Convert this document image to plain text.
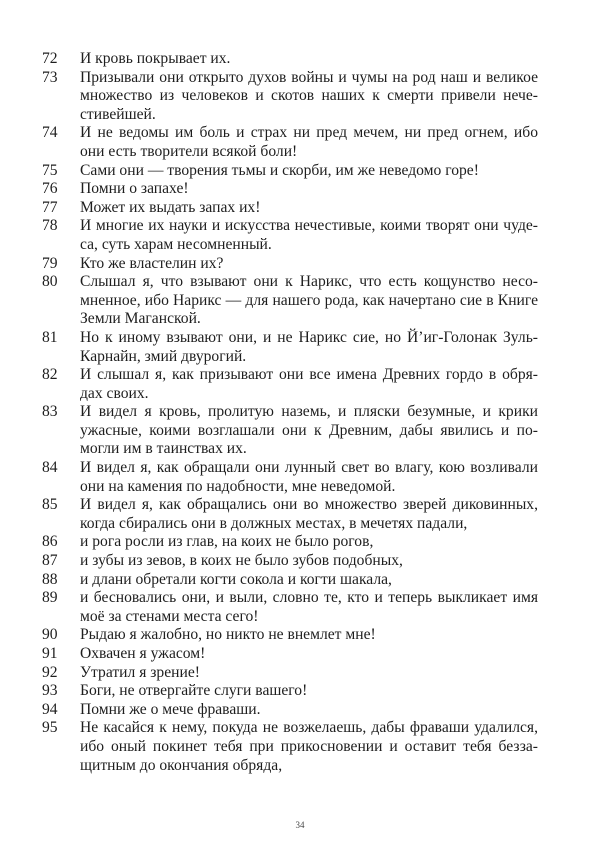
72	И кровь покрывает их.
73	Призывали они открыто духов войны и чумы на род наш и великое
множество из человеков и скотов наших к смерти привели нече-
стивейшей.
74	И не ведомы им боль и страх ни пред мечем, ни пред огнем, ибо
они есть творители всякой боли!
75	Сами они — творения тьмы и скорби, им же неведомо горе!
76	Помни о запахе!
77	Может их выдать запах их!
78	И многие их науки и искусства нечестивые, коими творят они чуде-
са, суть харам несомненный.
79	Кто же властелин их?
80	Слышал я, что взывают они к Нарикс, что есть кощунство несо-
мненное, ибо Нарикс — для нашего рода, как начертано сие в Книге
Земли Маганской.
81	Но к иному взывают они, и не Нарикс сие, но Й’иг-Голонак Зуль-
Карнайн, змий двурогий.
82	И слышал я, как призывают они все имена Древних гордо в обря-
дах своих.
83	И видел я кровь, пролитую наземь, и пляски безумные, и крики
ужасные, коими возглашали они к Древним, дабы явились и по-
могли им в таинствах их.
84	И видел я, как обращали они лунный свет во влагу, кою возливали
они на камения по надобности, мне неведомой.
85	И видел я, как обращались они во множество зверей диковинных,
когда сбирались они в должных местах, в мечетях падали,
86	и рога росли из глав, на коих не было рогов,
87	и зубы из зевов, в коих не было зубов подобных,
88	и длани обретали когти сокола и когти шакала,
89	и бесновались они, и выли, словно те, кто и теперь выкликает имя
моё за стенами места сего!
90	Рыдаю я жалобно, но никто не внемлет мне!
91	Охвачен я ужасом!
92	Утратил я зрение!
93	Боги, не отвергайте слуги вашего!
94	Помни же о мече фраваши.
95	Не касайся к нему, покуда не возжелаешь, дабы фраваши удалился,
ибо оный покинет тебя при прикосновении и оставит тебя безза-
щитным до окончания обряда,
34
